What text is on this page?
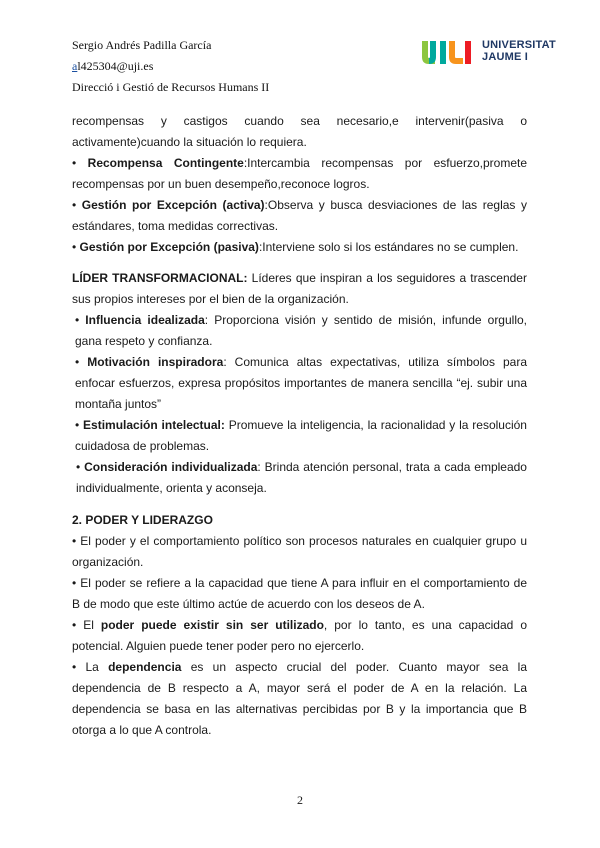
Sergio Andrés Padilla García
al425304@uji.es
Direcció i Gestió de Recursos Humans II
UNIVERSITAT
JAUME I
recompensas y castigos cuando sea necesario,e intervenir(pasiva o activamente)cuando la situación lo requiera.
• Recompensa Contingente:Intercambia recompensas por esfuerzo,promete recompensas por un buen desempeño,reconoce logros.
• Gestión por Excepción (activa):Observa y busca desviaciones de las reglas y estándares, toma medidas correctivas.
• Gestión por Excepción (pasiva):Interviene solo si los estándares no se cumplen.
LÍDER TRANSFORMACIONAL: Líderes que inspiran a los seguidores a trascender sus propios intereses por el bien de la organización.
• Influencia idealizada: Proporciona visión y sentido de misión, infunde orgullo, gana respeto y confianza.
• Motivación inspiradora: Comunica altas expectativas, utiliza símbolos para enfocar esfuerzos, expresa propósitos importantes de manera sencilla “ej. subir una montaña juntos”
• Estimulación intelectual: Promueve la inteligencia, la racionalidad y la resolución cuidadosa de problemas.
• Consideración individualizada: Brinda atención personal, trata a cada empleado individualmente, orienta y aconseja.
2. PODER Y LIDERAZGO
• El poder y el comportamiento político son procesos naturales en cualquier grupo u organización.
• El poder se refiere a la capacidad que tiene A para influir en el comportamiento de B de modo que este último actúe de acuerdo con los deseos de A.
• El poder puede existir sin ser utilizado, por lo tanto, es una capacidad o potencial. Alguien puede tener poder pero no ejercerlo.
• La dependencia es un aspecto crucial del poder. Cuanto mayor sea la dependencia de B respecto a A, mayor será el poder de A en la relación. La dependencia se basa en las alternativas percibidas por B y la importancia que B otorga a lo que A controla.
2
